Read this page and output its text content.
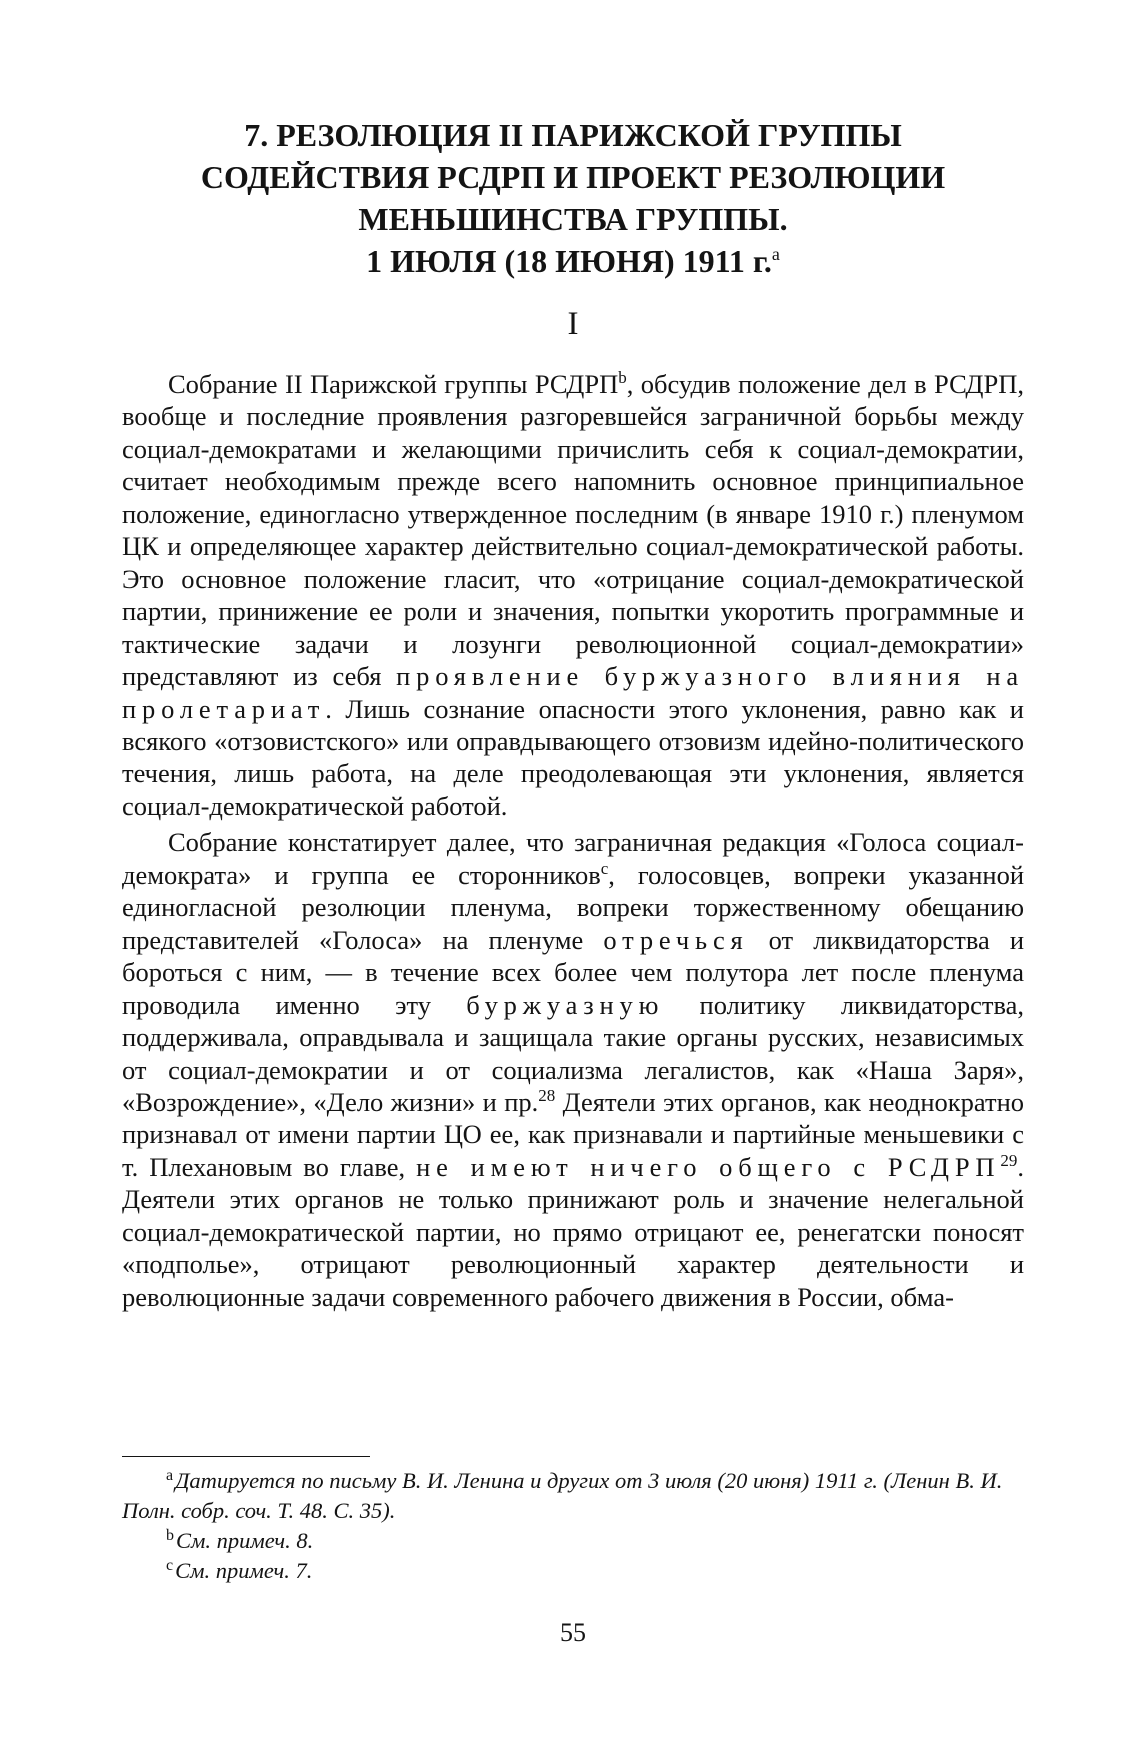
7. РЕЗОЛЮЦИЯ II ПАРИЖСКОЙ ГРУППЫ
СОДЕЙСТВИЯ РСДРП И ПРОЕКТ РЕЗОЛЮЦИИ
МЕНЬШИНСТВА ГРУППЫ.
1 ИЮЛЯ (18 ИЮНЯ) 1911 г.$^a$
I

Собрание II Парижской группы РСДРП$^b$, обсудив положение дел в РСДРП, вообще и последние проявления разгоревшейся заграничной борьбы между социал-демократами и желающими причислить себя к социал-демократии, считает необходимым прежде всего напомнить основное принципиальное положение, единогласно утвержденное последним (в январе 1910 г.) пленумом ЦК и определяющее характер действительно социал-демократической работы. Это основное положение гласит, что «отрицание социал-демократической партии, принижение ее роли и значения, попытки укоротить программные и тактические задачи и лозунги революционной социал-демократии» представляют из себя проявление буржуазного влияния на пролетариат. Лишь сознание опасности этого уклонения, равно как и всякого «отзовистского» или оправдывающего отзовизм идейно-политического течения, лишь работа, на деле преодолевающая эти уклонения, является социал-демократической работой.

Собрание констатирует далее, что заграничная редакция «Голоса социал-демократа» и группа ее сторонников$^c$, голосовцев, вопреки указанной единогласной резолюции пленума, вопреки торжественному обещанию представителей «Голоса» на пленуме отречься от ликвидаторства и бороться с ним, — в течение всех более чем полутора лет после пленума проводила именно эту буржуазную политику ликвидаторства, поддерживала, оправдывала и защищала такие органы русских, независимых от социал-демократии и от социализма легалистов, как «Наша Заря», «Возрождение», «Дело жизни» и пр.$^{28}$ Деятели этих органов, как неоднократно признавал от имени партии ЦО ее, как признавали и партийные меньшевики с т. Плехановым во главе, не имеют ничего общего с РСДРП$^{29}$. Деятели этих органов не только принижают роль и значение нелегальной социал-демократической партии, но прямо отрицают ее, ренегатски поносят «подполье», отрицают революционный характер деятельности и революционные задачи современного рабочего движения в России, обма-

$^a$Датируется по письму В. И. Ленина и других от 3 июля (20 июня) 1911 г. (Ленин В. И. Полн. собр. соч. Т. 48. С. 35).

$^b$См. примеч. 8.

$^c$См. примеч. 7.

55
